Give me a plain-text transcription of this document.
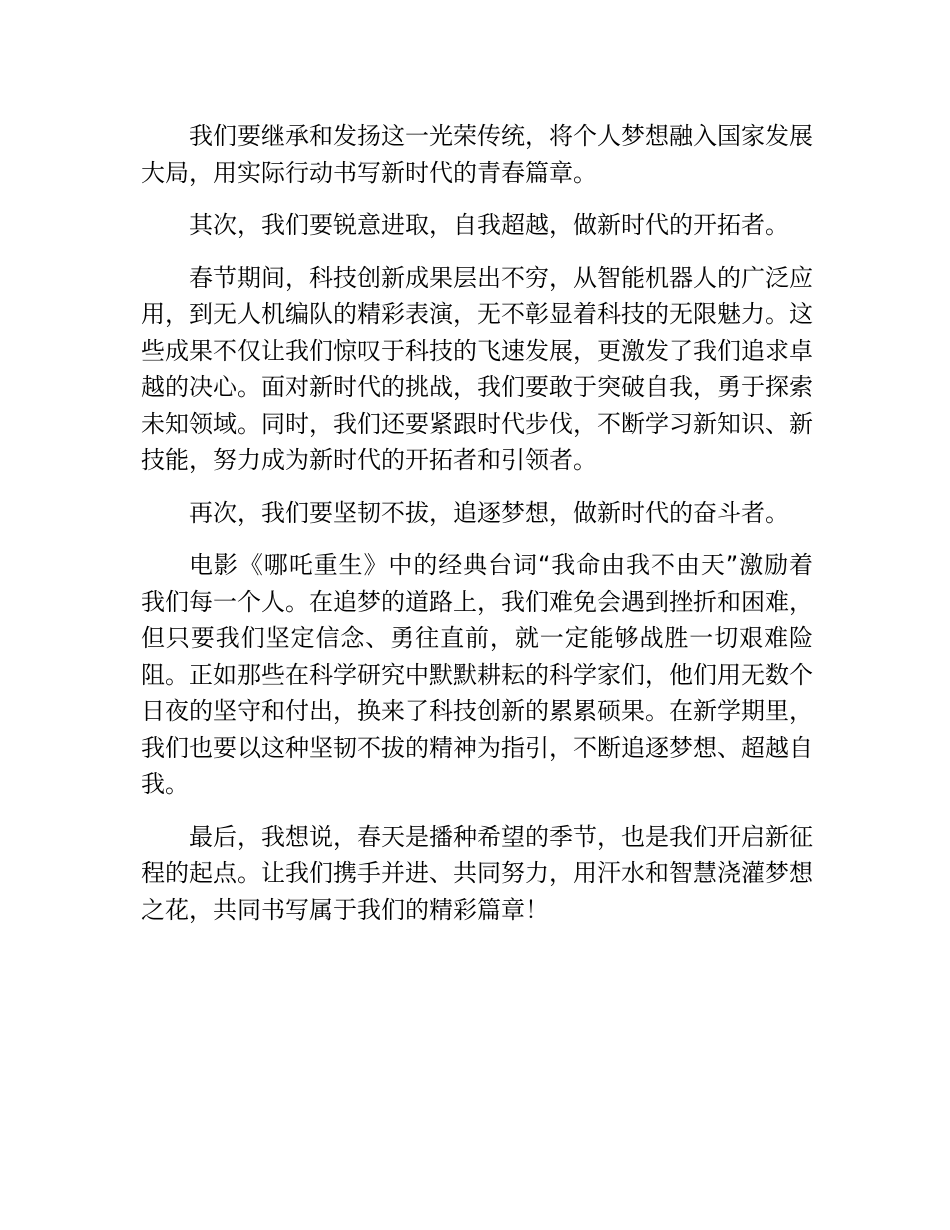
我们要继承和发扬这一光荣传统，将个人梦想融入国家发展大局，用实际行动书写新时代的青春篇章。

其次，我们要锐意进取，自我超越，做新时代的开拓者。

春节期间，科技创新成果层出不穷，从智能机器人的广泛应用，到无人机编队的精彩表演，无不彰显着科技的无限魅力。这些成果不仅让我们惊叹于科技的飞速发展，更激发了我们追求卓越的决心。面对新时代的挑战，我们要敢于突破自我，勇于探索未知领域。同时，我们还要紧跟时代步伐，不断学习新知识、新技能，努力成为新时代的开拓者和引领者。

再次，我们要坚韧不拔，追逐梦想，做新时代的奋斗者。

电影《哪吒重生》中的经典台词“我命由我不由天”激励着我们每一个人。在追梦的道路上，我们难免会遇到挫折和困难，但只要我们坚定信念、勇往直前，就一定能够战胜一切艰难险阻。正如那些在科学研究中默默耕耘的科学家们，他们用无数个日夜的坚守和付出，换来了科技创新的累累硕果。在新学期里，我们也要以这种坚韧不拔的精神为指引，不断追逐梦想、超越自我。

最后，我想说，春天是播种希望的季节，也是我们开启新征程的起点。让我们携手并进、共同努力，用汗水和智慧浇灌梦想之花，共同书写属于我们的精彩篇章！
